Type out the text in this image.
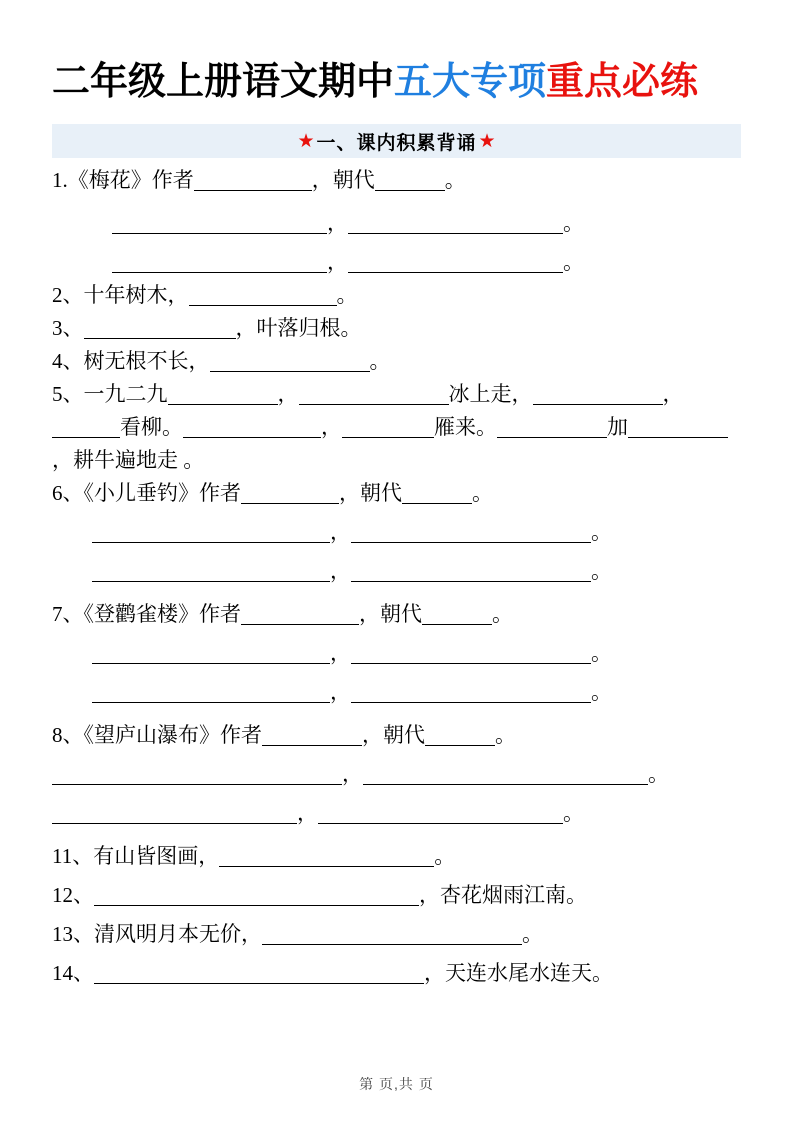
二年级上册语文期中五大专项重点必练
★ 一、课内积累背诵 ★
1.《梅花》作者	，朝代	。
，	。
，	。
2、十年树木，	。
3、	，叶落归根。
4、树无根不长，	。
5、一九二九	，	冰上走，	，看柳。	，	雁来。	加，耕牛遍地走 。
6、《小儿垂钓》作者	，朝代	。
，	。
，	。
7、《登鹳雀楼》作者	，朝代	。
，	。
，	。
8、《望庐山瀑布》作者	，朝代	。
，	。
，	。
11、有山皆图画，	。
12、	，杏花烟雨江南。
13、清风明月本无价，	。
14、	，天连水尾水连天。
第 页,共 页
